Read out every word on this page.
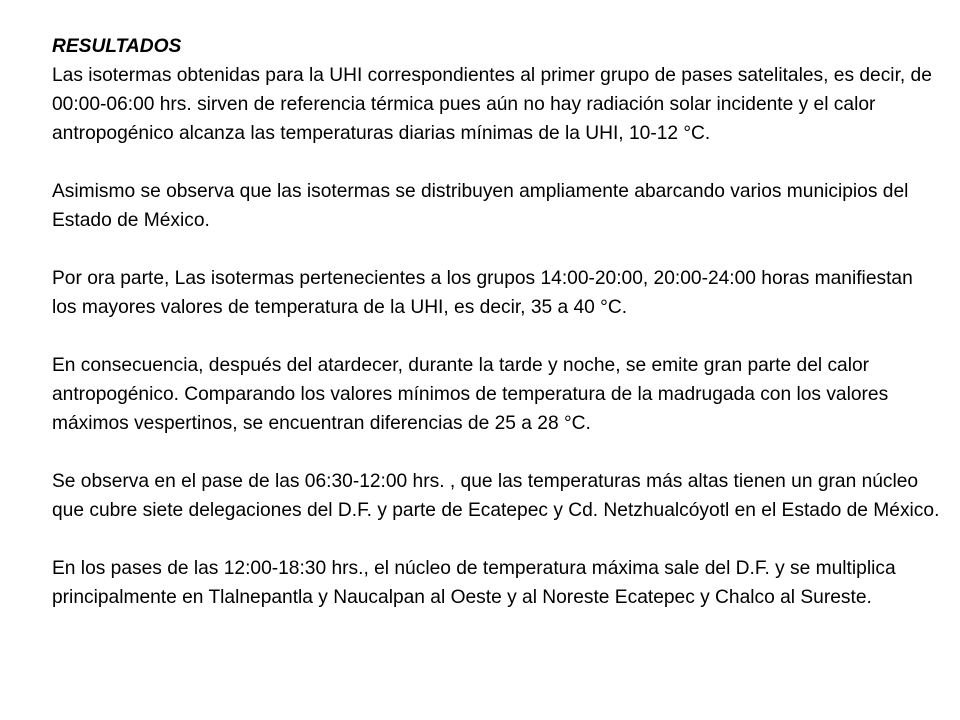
RESULTADOS
Las isotermas obtenidas para la UHI correspondientes al primer grupo de pases satelitales, es decir, de 00:00-06:00 hrs. sirven de referencia térmica pues aún no hay radiación solar incidente y el calor antropogénico alcanza las temperaturas diarias mínimas de la UHI, 10-12 °C.

Asimismo se observa que las isotermas se distribuyen ampliamente abarcando varios municipios del Estado de México.

Por ora parte, Las isotermas pertenecientes a los grupos 14:00-20:00, 20:00-24:00 horas manifiestan los mayores valores de temperatura de la UHI, es decir, 35 a 40 °C.

En consecuencia, después del atardecer, durante la tarde y noche, se emite gran parte del calor antropogénico. Comparando los valores mínimos de temperatura de la madrugada con los valores máximos vespertinos, se encuentran diferencias de 25 a 28 °C.

Se observa en el pase de las 06:30-12:00 hrs. , que las temperaturas más altas tienen un gran núcleo que cubre siete delegaciones del D.F. y parte de Ecatepec y Cd. Netzhualcóyotl en el Estado de México.

En los pases de las 12:00-18:30 hrs., el núcleo de temperatura máxima sale del D.F. y se multiplica principalmente en Tlalnepantla y Naucalpan al Oeste y al Noreste Ecatepec y Chalco al Sureste.
